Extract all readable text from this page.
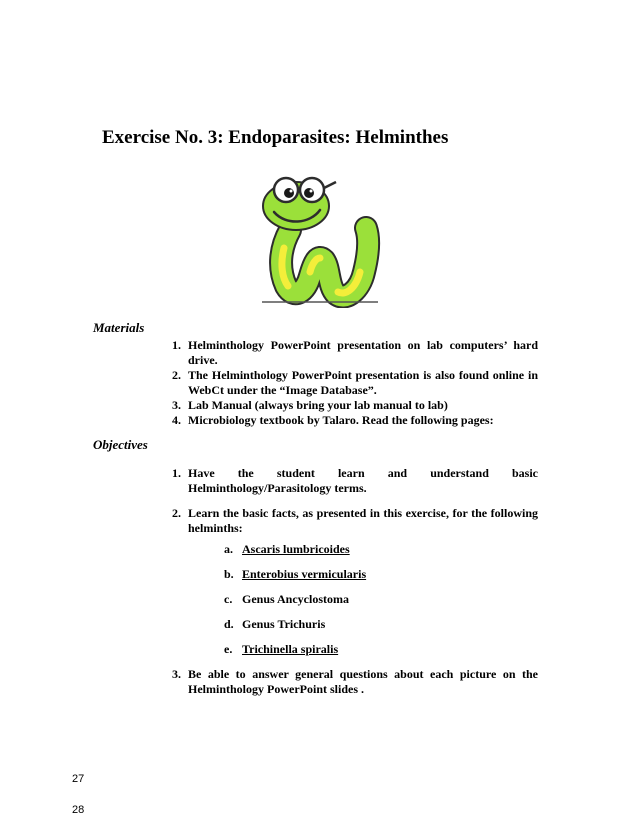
Exercise No. 3: Endoparasites: Helminthes
Materials
1. Helminthology PowerPoint presentation on lab computers’ hard drive.
2. The Helminthology PowerPoint presentation is also found online in WebCt under the “Image Database”.
3. Lab Manual (always bring your lab manual to lab)
4. Microbiology textbook by Talaro. Read the following pages:
Objectives
1. Have the student learn and understand basic Helminthology/Parasitology terms.
2. Learn the basic facts, as presented in this exercise, for the following helminths:
a. Ascaris lumbricoides
b. Enterobius vermicularis
c. Genus Ancyclostoma
d. Genus Trichuris
e. Trichinella spiralis
3. Be able to answer general questions about each picture on the Helminthology PowerPoint slides .
27
28
